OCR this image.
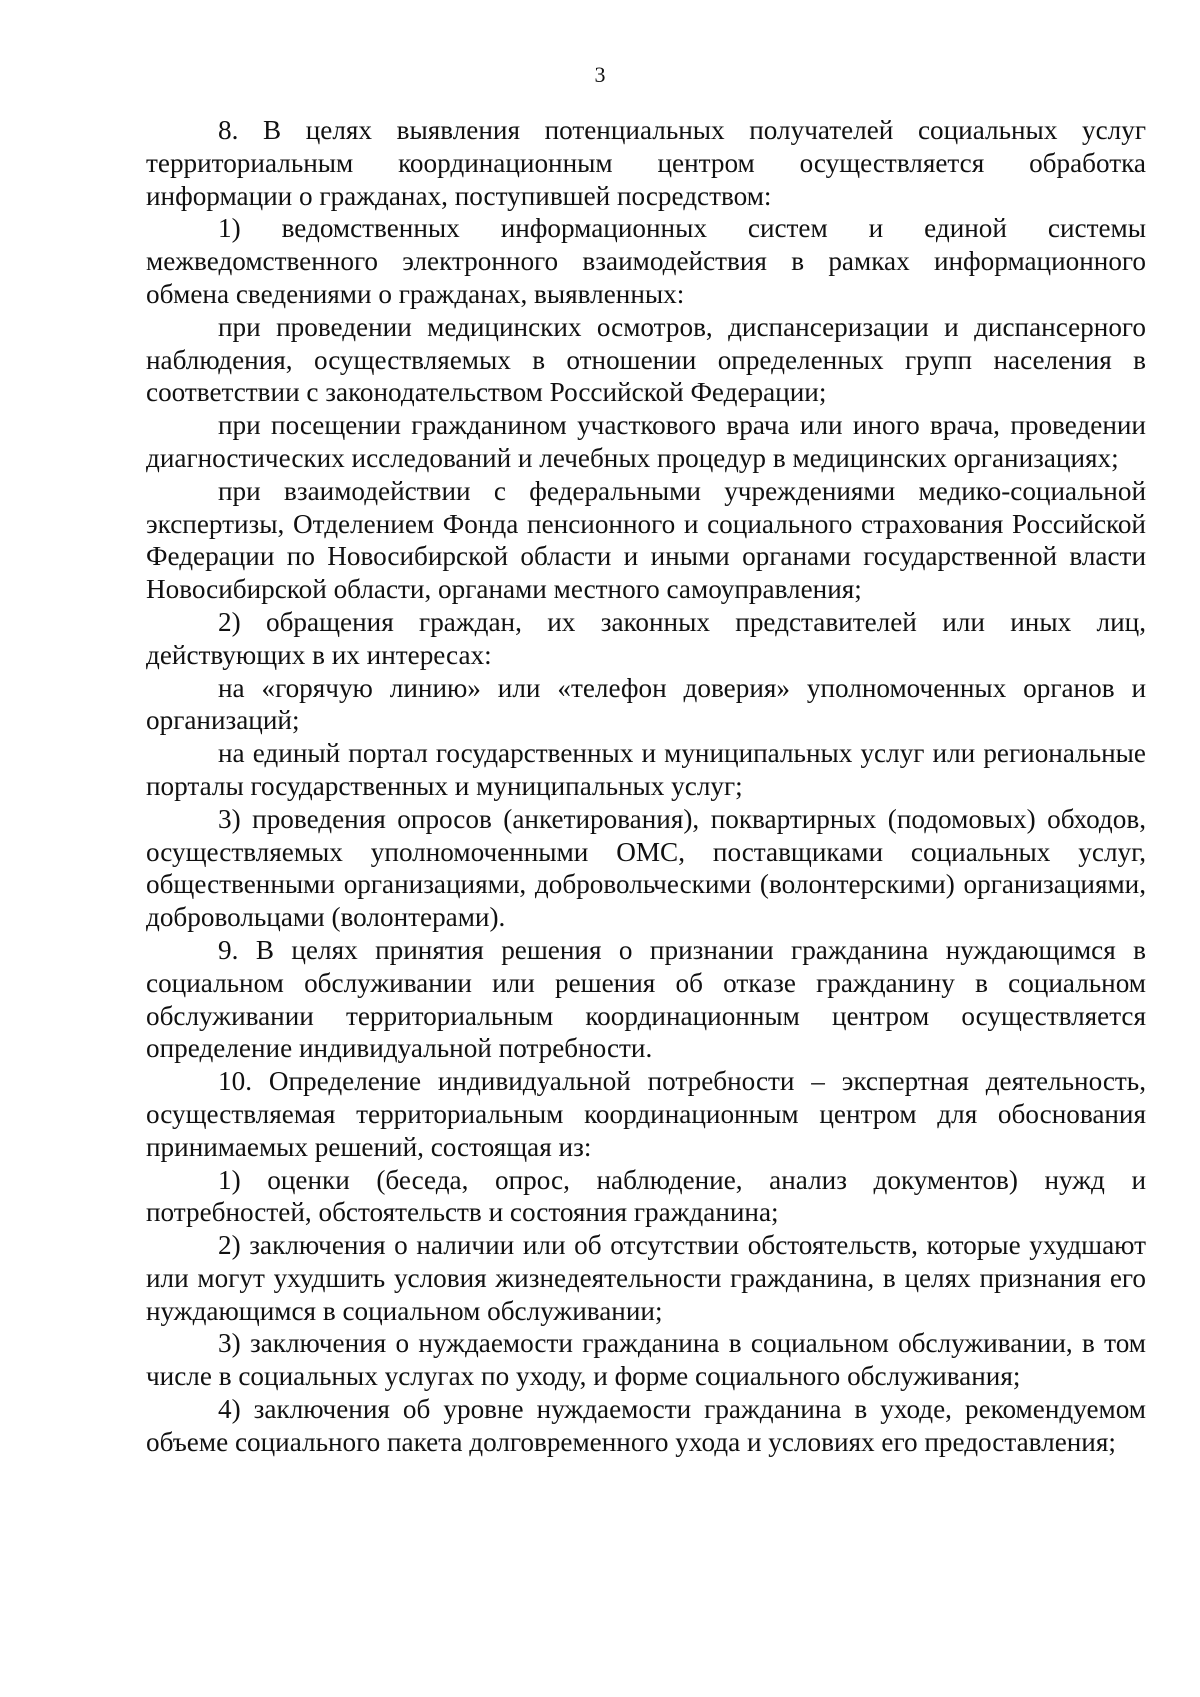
3

8. В целях выявления потенциальных получателей социальных услуг территориальным координационным центром осуществляется обработка информации о гражданах, поступившей посредством:

1) ведомственных информационных систем и единой системы межведомственного электронного взаимодействия в рамках информационного обмена сведениями о гражданах, выявленных:

при проведении медицинских осмотров, диспансеризации и диспансерного наблюдения, осуществляемых в отношении определенных групп населения в соответствии с законодательством Российской Федерации;

при посещении гражданином участкового врача или иного врача, проведении диагностических исследований и лечебных процедур в медицинских организациях;

при взаимодействии с федеральными учреждениями медико-социальной экспертизы, Отделением Фонда пенсионного и социального страхования Российской Федерации по Новосибирской области и иными органами государственной власти Новосибирской области, органами местного самоуправления;

2) обращения граждан, их законных представителей или иных лиц, действующих в их интересах:

на «горячую линию» или «телефон доверия» уполномоченных органов и организаций;

на единый портал государственных и муниципальных услуг или региональные порталы государственных и муниципальных услуг;

3) проведения опросов (анкетирования), поквартирных (подомовых) обходов, осуществляемых уполномоченными ОМС, поставщиками социальных услуг, общественными организациями, добровольческими (волонтерскими) организациями, добровольцами (волонтерами).

9. В целях принятия решения о признании гражданина нуждающимся в социальном обслуживании или решения об отказе гражданину в социальном обслуживании территориальным координационным центром осуществляется определение индивидуальной потребности.

10. Определение индивидуальной потребности – экспертная деятельность, осуществляемая территориальным координационным центром для обоснования принимаемых решений, состоящая из:

1) оценки (беседа, опрос, наблюдение, анализ документов) нужд и потребностей, обстоятельств и состояния гражданина;

2) заключения о наличии или об отсутствии обстоятельств, которые ухудшают или могут ухудшить условия жизнедеятельности гражданина, в целях признания его нуждающимся в социальном обслуживании;

3) заключения о нуждаемости гражданина в социальном обслуживании, в том числе в социальных услугах по уходу, и форме социального обслуживания;

4) заключения об уровне нуждаемости гражданина в уходе, рекомендуемом объеме социального пакета долговременного ухода и условиях его предоставления;
